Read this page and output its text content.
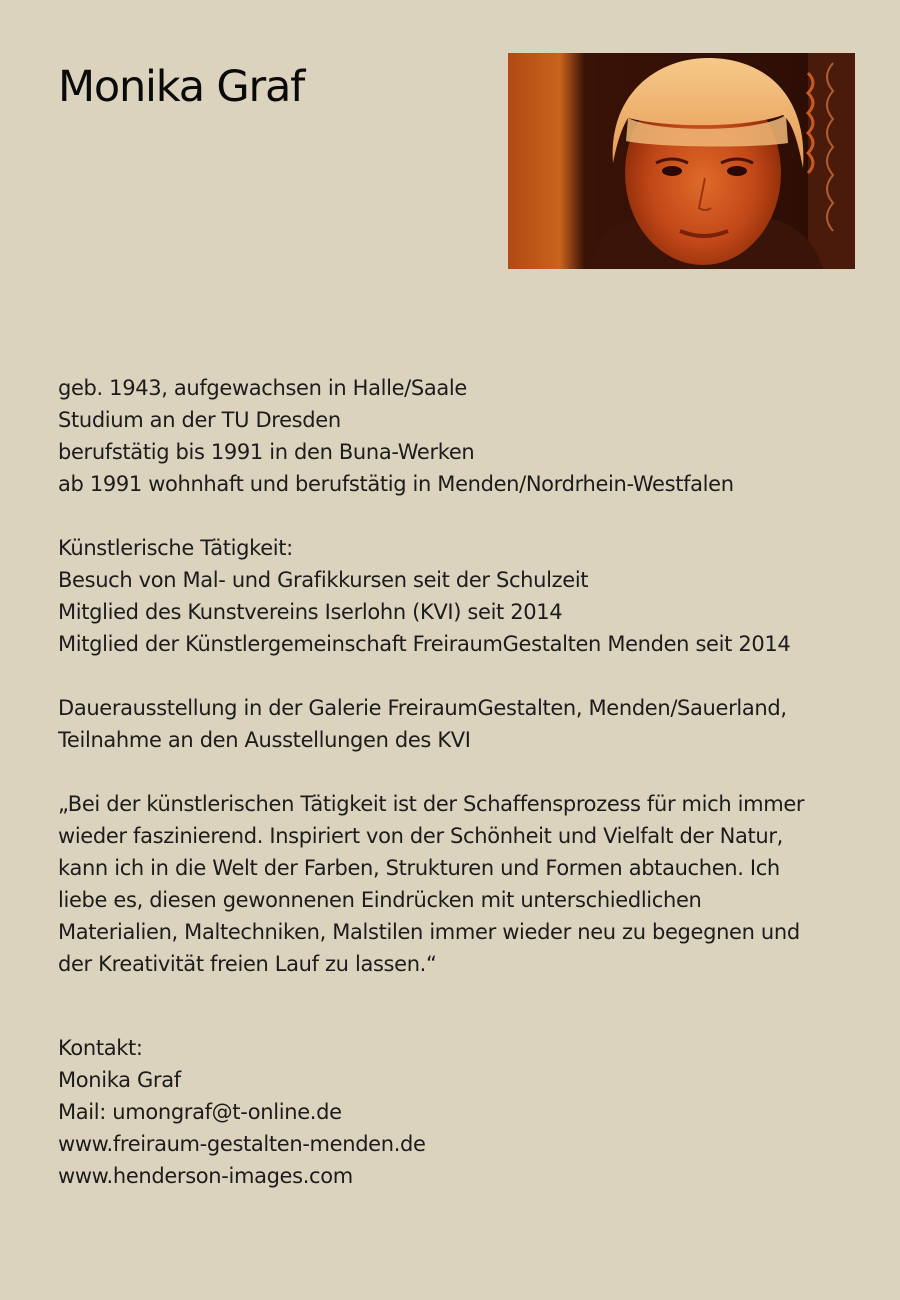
Monika Graf
geb. 1943, aufgewachsen in Halle/Saale
Studium an der TU Dresden
berufstätig bis 1991 in den Buna-Werken
ab 1991 wohnhaft und berufstätig in Menden/Nordrhein-Westfalen
Künstlerische Tätigkeit:
Besuch von Mal- und Grafikkursen seit der Schulzeit
Mitglied des Kunstvereins Iserlohn (KVI) seit 2014
Mitglied der Künstlergemeinschaft FreiraumGestalten Menden seit 2014
Dauerausstellung in der Galerie FreiraumGestalten, Menden/Sauerland,
Teilnahme an den Ausstellungen des KVI
„Bei der künstlerischen Tätigkeit ist der Schaffensprozess für mich immer
wieder faszinierend. Inspiriert von der Schönheit und Vielfalt der Natur,
kann ich in die Welt der Farben, Strukturen und Formen abtauchen. Ich
liebe es, diesen gewonnenen Eindrücken mit unterschiedlichen
Materialien, Maltechniken, Malstilen immer wieder neu zu begegnen und
der Kreativität freien Lauf zu lassen.“
Kontakt:
Monika Graf
Mail: umongraf@t-online.de
www.freiraum-gestalten-menden.de
www.henderson-images.com
